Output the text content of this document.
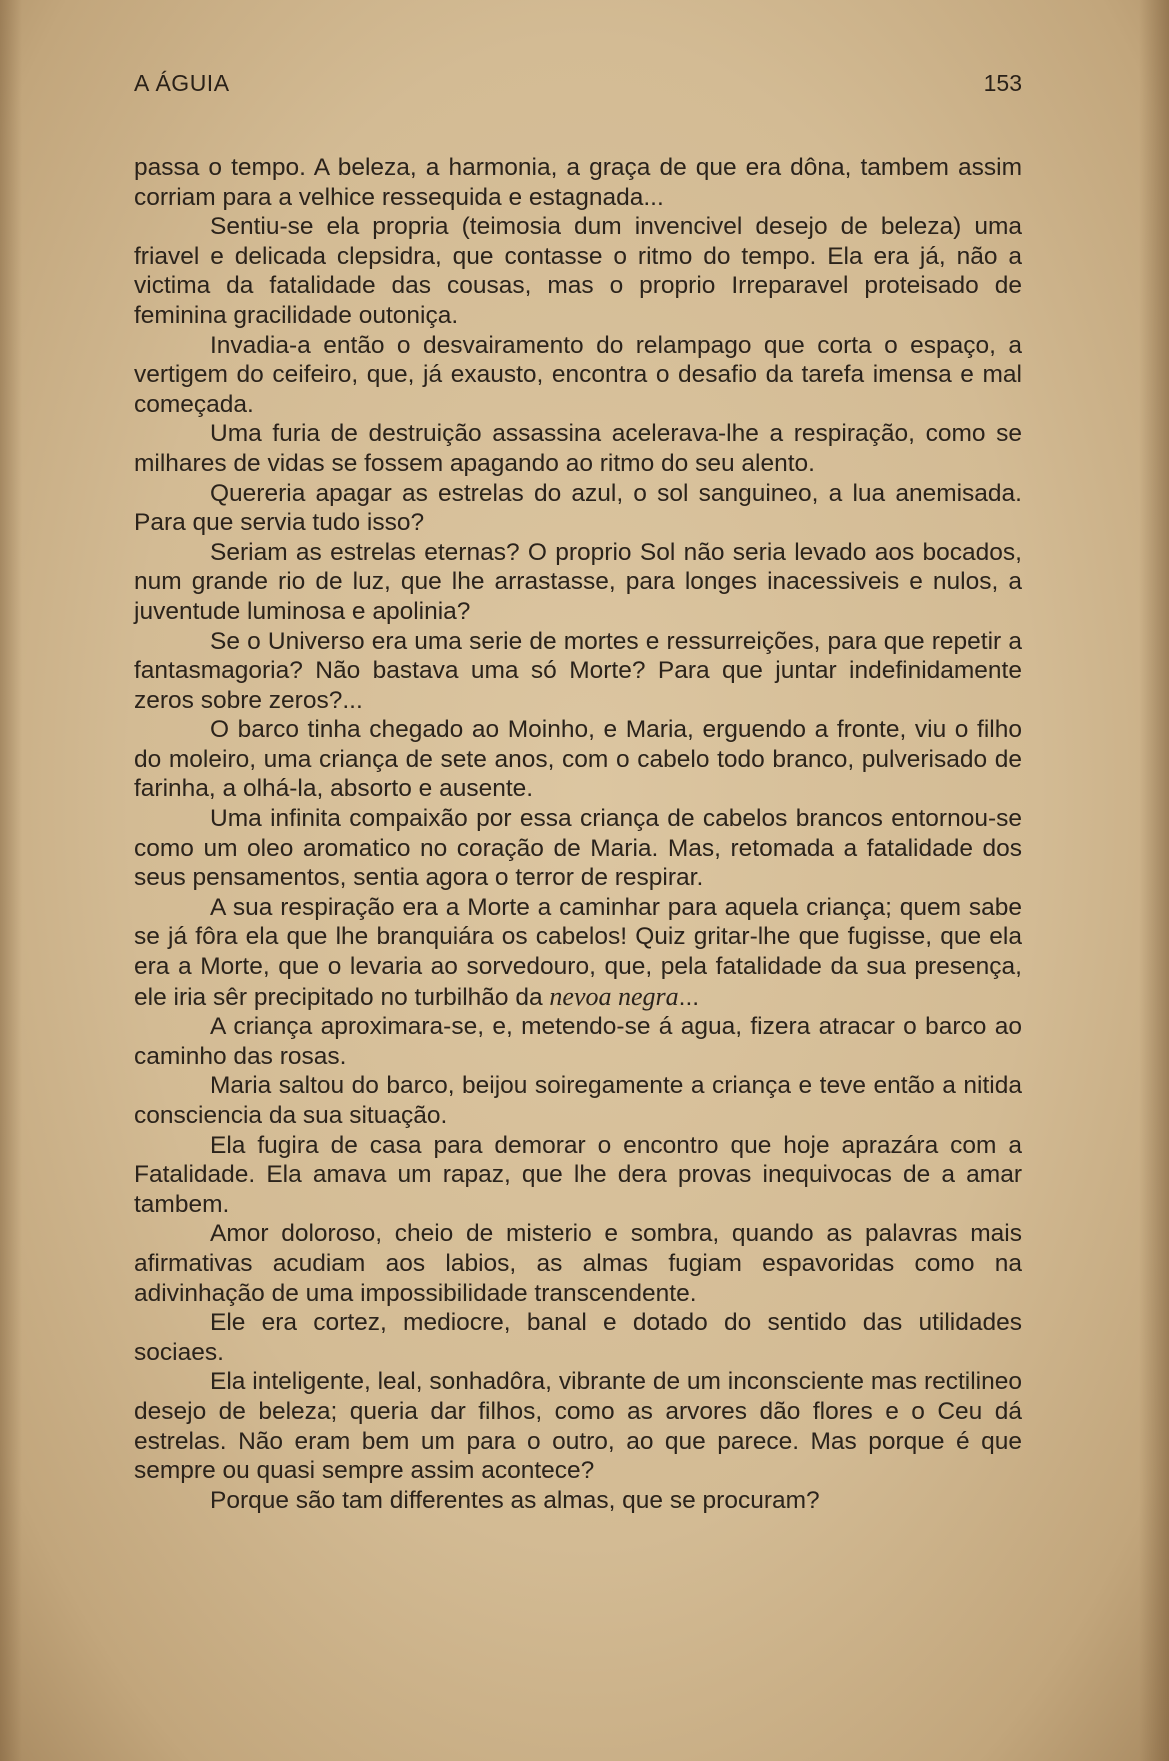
A ÁGUIA	153

passa o tempo. A beleza, a harmonia, a graça de que era dôna, tambem assim corriam para a velhice ressequida e estagnada...

Sentiu-se ela propria (teimosia dum invencivel desejo de beleza) uma friavel e delicada clepsidra, que contasse o ritmo do tempo. Ela era já, não a victima da fatalidade das cousas, mas o proprio Irreparavel proteisado de feminina gracilidade outoniça.

Invadia-a então o desvairamento do relampago que corta o espaço, a vertigem do ceifeiro, que, já exausto, encontra o desafio da tarefa imensa e mal começada.

Uma furia de destruição assassina acelerava-lhe a respiração, como se milhares de vidas se fossem apagando ao ritmo do seu alento.

Quereria apagar as estrelas do azul, o sol sanguineo, a lua anemisada. Para que servia tudo isso?

Seriam as estrelas eternas? O proprio Sol não seria levado aos bocados, num grande rio de luz, que lhe arrastasse, para longes inacessiveis e nulos, a juventude luminosa e apolinia?

Se o Universo era uma serie de mortes e ressurreições, para que repetir a fantasmagoria? Não bastava uma só Morte? Para que juntar indefinidamente zeros sobre zeros?...

O barco tinha chegado ao Moinho, e Maria, erguendo a fronte, viu o filho do moleiro, uma criança de sete anos, com o cabelo todo branco, pulverisado de farinha, a olhá-la, absorto e ausente.

Uma infinita compaixão por essa criança de cabelos brancos entornou-se como um oleo aromatico no coração de Maria. Mas, retomada a fatalidade dos seus pensamentos, sentia agora o terror de respirar.

A sua respiração era a Morte a caminhar para aquela criança; quem sabe se já fôra ela que lhe branquiára os cabelos! Quiz gritar-lhe que fugisse, que ela era a Morte, que o levaria ao sorvedouro, que, pela fatalidade da sua presença, ele iria sêr precipitado no turbilhão da nevoa negra...

A criança aproximara-se, e, metendo-se á agua, fizera atracar o barco ao caminho das rosas.

Maria saltou do barco, beijou soiregamente a criança e teve então a nitida consciencia da sua situação.

Ela fugira de casa para demorar o encontro que hoje aprazára com a Fatalidade. Ela amava um rapaz, que lhe dera provas inequivocas de a amar tambem.

Amor doloroso, cheio de misterio e sombra, quando as palavras mais afirmativas acudiam aos labios, as almas fugiam espavoridas como na adivinhação de uma impossibilidade transcendente.

Ele era cortez, mediocre, banal e dotado do sentido das utilidades sociaes.

Ela inteligente, leal, sonhadôra, vibrante de um inconsciente mas rectilineo desejo de beleza; queria dar filhos, como as arvores dão flores e o Ceu dá estrelas. Não eram bem um para o outro, ao que parece. Mas porque é que sempre ou quasi sempre assim acontece?

Porque são tam differentes as almas, que se procuram?
